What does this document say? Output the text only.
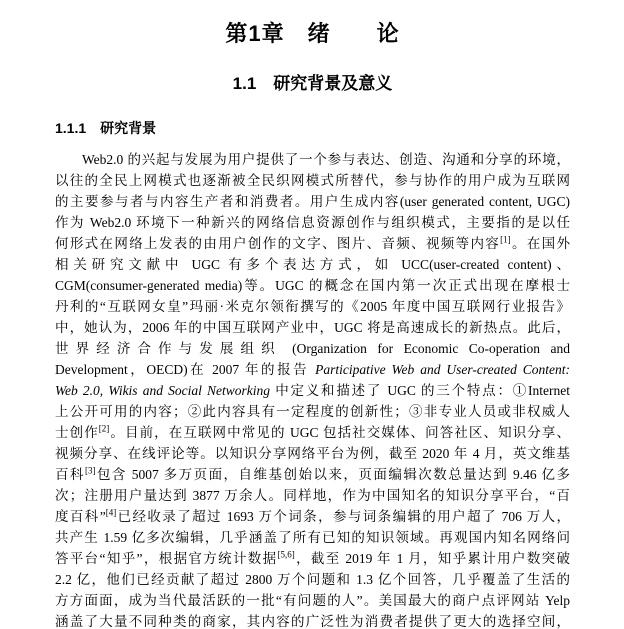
第1章　绪　　论
1.1　研究背景及意义
1.1.1　研究背景
Web2.0 的兴起与发展为用户提供了一个参与表达、创造、沟通和分享的环境，
以往的全民上网模式也逐渐被全民织网模式所替代，参与协作的用户成为互联网
的主要参与者与内容生产者和消费者。用户生成内容(user generated content, UGC)
作为 Web2.0 环境下一种新兴的网络信息资源创作与组织模式，主要指的是以任
何形式在网络上发表的由用户创作的文字、图片、音频、视频等内容[1]。在国外
相关研究文献中 UGC 有多个表达方式，如 UCC(user-created content)、
CGM(consumer-generated media)等。UGC 的概念在国内第一次正式出现在摩根士
丹利的“互联网女皇”玛丽·米克尔领衔撰写的《2005 年度中国互联网行业报告》
中，她认为，2006 年的中国互联网产业中，UGC 将是高速成长的新热点。此后，
世界经济合作与发展组织 (Organization for Economic Co-operation and
Development，OECD)在 2007 年的报告 Participative Web and User-created Content:
Web 2.0, Wikis and Social Networking 中定义和描述了 UGC 的三个特点：①Internet
上公开可用的内容；②此内容具有一定程度的创新性；③非专业人员或非权威人
士创作[2]。目前，在互联网中常见的 UGC 包括社交媒体、问答社区、知识分享、
视频分享、在线评论等。以知识分享网络平台为例，截至 2020 年 4 月，英文维基
百科[3]包含 5007 多万页面，自维基创始以来，页面编辑次数总量达到 9.46 亿多
次；注册用户量达到 3877 万余人。同样地，作为中国知名的知识分享平台，“百
度百科”[4]已经收录了超过 1693 万个词条，参与词条编辑的用户超了 706 万人，
共产生 1.59 亿多次编辑，几乎涵盖了所有已知的知识领域。再观国内知名网络问
答平台“知乎”，根据官方统计数据[5,6]，截至 2019 年 1 月，知乎累计用户数突破
2.2 亿，他们已经贡献了超过 2800 万个问题和 1.3 亿个回答，几乎覆盖了生活的
方方面面，成为当代最活跃的一批“有问题的人”。美国最大的商户点评网站 Yelp
涵盖了大量不同种类的商家，其内容的广泛性为消费者提供了更大的选择空间，
